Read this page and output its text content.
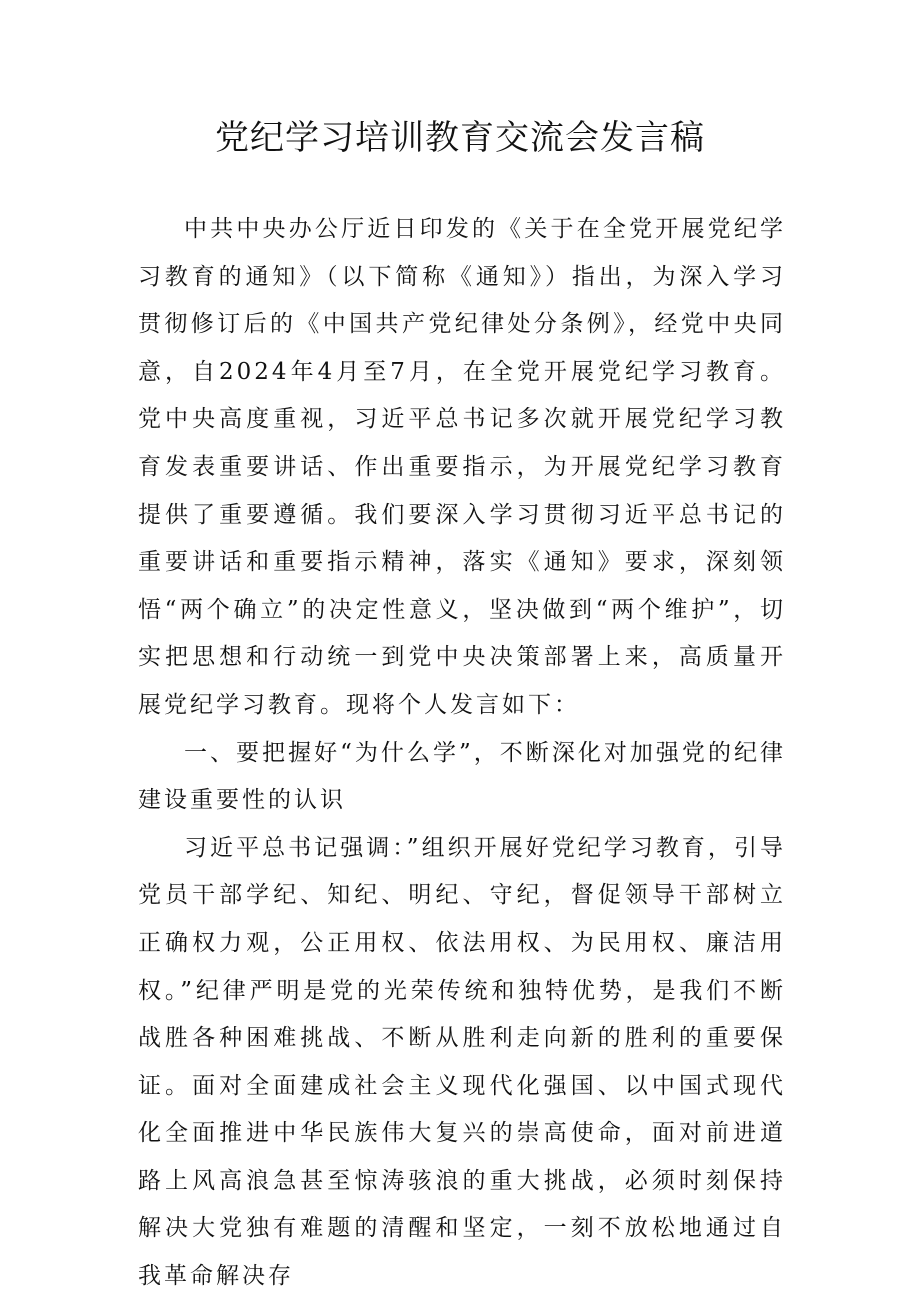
党纪学习培训教育交流会发言稿

中共中央办公厅近日印发的《关于在全党开展党纪学习教育的通知》（以下简称《通知》）指出，为深入学习贯彻修订后的《中国共产党纪律处分条例》，经党中央同意，自2024年4月至7月，在全党开展党纪学习教育。党中央高度重视，习近平总书记多次就开展党纪学习教育发表重要讲话、作出重要指示，为开展党纪学习教育提供了重要遵循。我们要深入学习贯彻习近平总书记的重要讲话和重要指示精神，落实《通知》要求，深刻领悟“两个确立”的决定性意义，坚决做到“两个维护”，切实把思想和行动统一到党中央决策部署上来，高质量开展党纪学习教育。现将个人发言如下：

一、要把握好“为什么学”，不断深化对加强党的纪律建设重要性的认识

习近平总书记强调：”组织开展好党纪学习教育，引导党员干部学纪、知纪、明纪、守纪，督促领导干部树立正确权力观，公正用权、依法用权、为民用权、廉洁用权。”纪律严明是党的光荣传统和独特优势，是我们不断战胜各种困难挑战、不断从胜利走向新的胜利的重要保证。面对全面建成社会主义现代化强国、以中国式现代化全面推进中华民族伟大复兴的崇高使命，面对前进道路上风高浪急甚至惊涛骇浪的重大挑战，必须时刻保持解决大党独有难题的清醒和坚定，一刻不放松地通过自我革命解决存
